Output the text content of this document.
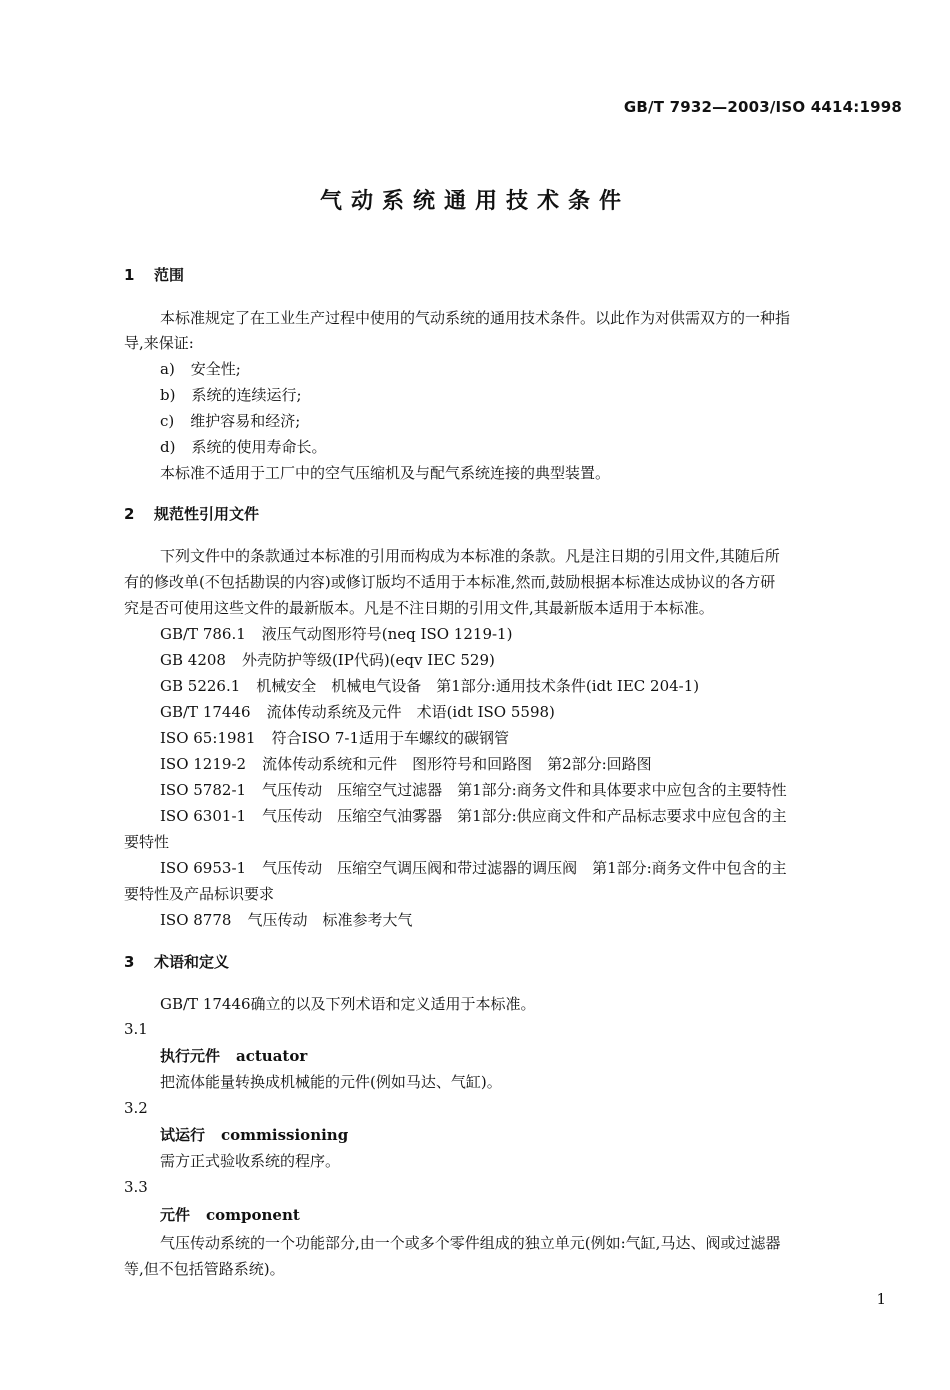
GB/T 7932—2003/ISO 4414:1998
气动系统通用技术条件
1 范围
本标准规定了在工业生产过程中使用的气动系统的通用技术条件。以此作为对供需双方的一种指
导,来保证:
a) 安全性;
b) 系统的连续运行;
c) 维护容易和经济;
d) 系统的使用寿命长。
本标准不适用于工厂中的空气压缩机及与配气系统连接的典型装置。
2 规范性引用文件
下列文件中的条款通过本标准的引用而构成为本标准的条款。凡是注日期的引用文件,其随后所
有的修改单(不包括勘误的内容)或修订版均不适用于本标准,然而,鼓励根据本标准达成协议的各方研
究是否可使用这些文件的最新版本。凡是不注日期的引用文件,其最新版本适用于本标准。
GB/T 786.1 液压气动图形符号(neq ISO 1219-1)
GB 4208 外壳防护等级(IP代码)(eqv IEC 529)
GB 5226.1 机械安全　机械电气设备　第1部分:通用技术条件(idt IEC 204-1)
GB/T 17446 流体传动系统及元件　术语(idt ISO 5598)
ISO 65:1981 符合ISO 7-1适用于车螺纹的碳钢管
ISO 1219-2 流体传动系统和元件　图形符号和回路图　第2部分:回路图
ISO 5782-1 气压传动　压缩空气过滤器　第1部分:商务文件和具体要求中应包含的主要特性
ISO 6301-1 气压传动　压缩空气油雾器　第1部分:供应商文件和产品标志要求中应包含的主
要特性
ISO 6953-1 气压传动　压缩空气调压阀和带过滤器的调压阀　第1部分:商务文件中包含的主
要特性及产品标识要求
ISO 8778 气压传动　标准参考大气
3 术语和定义
GB/T 17446确立的以及下列术语和定义适用于本标准。
3.1
执行元件 actuator
把流体能量转换成机械能的元件(例如马达、气缸)。
3.2
试运行 commissioning
需方正式验收系统的程序。
3.3
元件 component
气压传动系统的一个功能部分,由一个或多个零件组成的独立单元(例如:气缸,马达、阀或过滤器
等,但不包括管路系统)。
1
